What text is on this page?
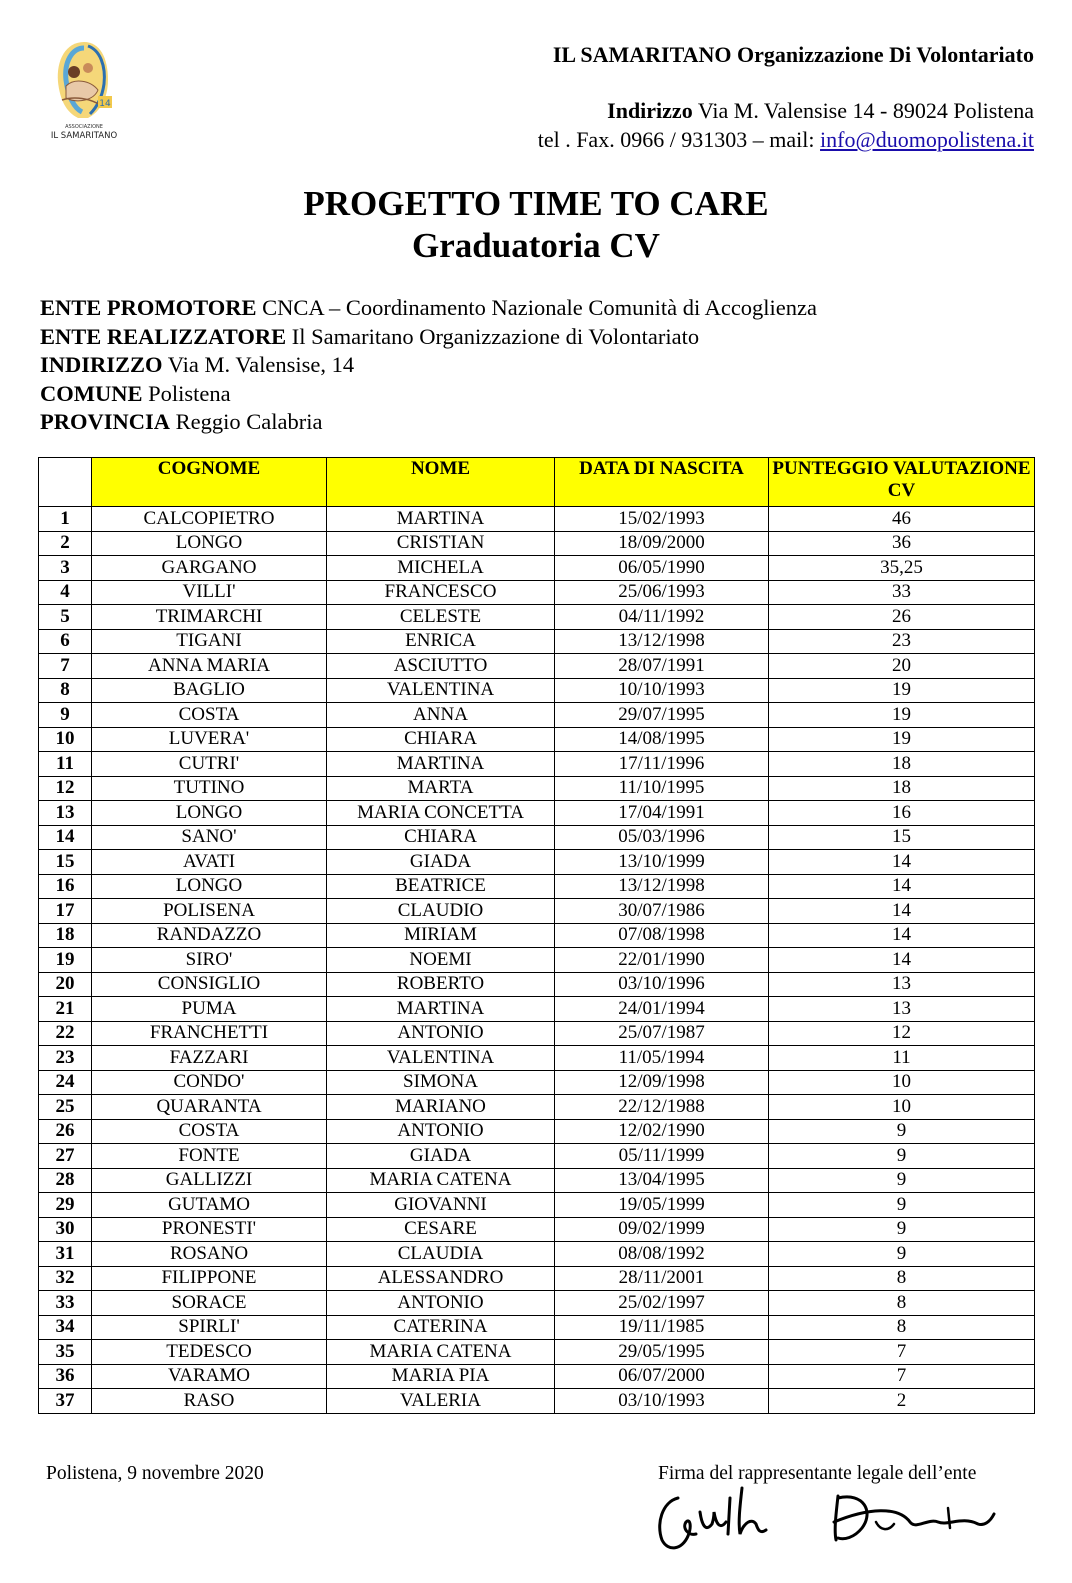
14
ASSOCIAZIONE
IL SAMARITANO
IL SAMARITANO Organizzazione Di Volontariato
Indirizzo Via M. Valensise 14 - 89024 Polistena
tel . Fax. 0966 / 931303 – mail: info@duomopolistena.it
PROGETTO TIME TO CARE
Graduatoria CV
ENTE PROMOTORE CNCA – Coordinamento Nazionale Comunità di Accoglienza
ENTE REALIZZATORE Il Samaritano Organizzazione di Volontariato
INDIRIZZO Via M. Valensise, 14
COMUNE Polistena
PROVINCIA Reggio Calabria
	COGNOME	NOME	DATA DI NASCITA	PUNTEGGIO VALUTAZIONE CV
1	CALCOPIETRO	MARTINA	15/02/1993	46
2	LONGO	CRISTIAN	18/09/2000	36
3	GARGANO	MICHELA	06/05/1990	35,25
4	VILLI'	FRANCESCO	25/06/1993	33
5	TRIMARCHI	CELESTE	04/11/1992	26
6	TIGANI	ENRICA	13/12/1998	23
7	ANNA MARIA	ASCIUTTO	28/07/1991	20
8	BAGLIO	VALENTINA	10/10/1993	19
9	COSTA	ANNA	29/07/1995	19
10	LUVERA'	CHIARA	14/08/1995	19
11	CUTRI'	MARTINA	17/11/1996	18
12	TUTINO	MARTA	11/10/1995	18
13	LONGO	MARIA CONCETTA	17/04/1991	16
14	SANO'	CHIARA	05/03/1996	15
15	AVATI	GIADA	13/10/1999	14
16	LONGO	BEATRICE	13/12/1998	14
17	POLISENA	CLAUDIO	30/07/1986	14
18	RANDAZZO	MIRIAM	07/08/1998	14
19	SIRO'	NOEMI	22/01/1990	14
20	CONSIGLIO	ROBERTO	03/10/1996	13
21	PUMA	MARTINA	24/01/1994	13
22	FRANCHETTI	ANTONIO	25/07/1987	12
23	FAZZARI	VALENTINA	11/05/1994	11
24	CONDO'	SIMONA	12/09/1998	10
25	QUARANTA	MARIANO	22/12/1988	10
26	COSTA	ANTONIO	12/02/1990	9
27	FONTE	GIADA	05/11/1999	9
28	GALLIZZI	MARIA CATENA	13/04/1995	9
29	GUTAMO	GIOVANNI	19/05/1999	9
30	PRONESTI'	CESARE	09/02/1999	9
31	ROSANO	CLAUDIA	08/08/1992	9
32	FILIPPONE	ALESSANDRO	28/11/2001	8
33	SORACE	ANTONIO	25/02/1997	8
34	SPIRLI'	CATERINA	19/11/1985	8
35	TEDESCO	MARIA CATENA	29/05/1995	7
36	VARAMO	MARIA PIA	06/07/2000	7
37	RASO	VALERIA	03/10/1993	2
Polistena, 9 novembre 2020	Firma del rappresentante legale dell’ente
